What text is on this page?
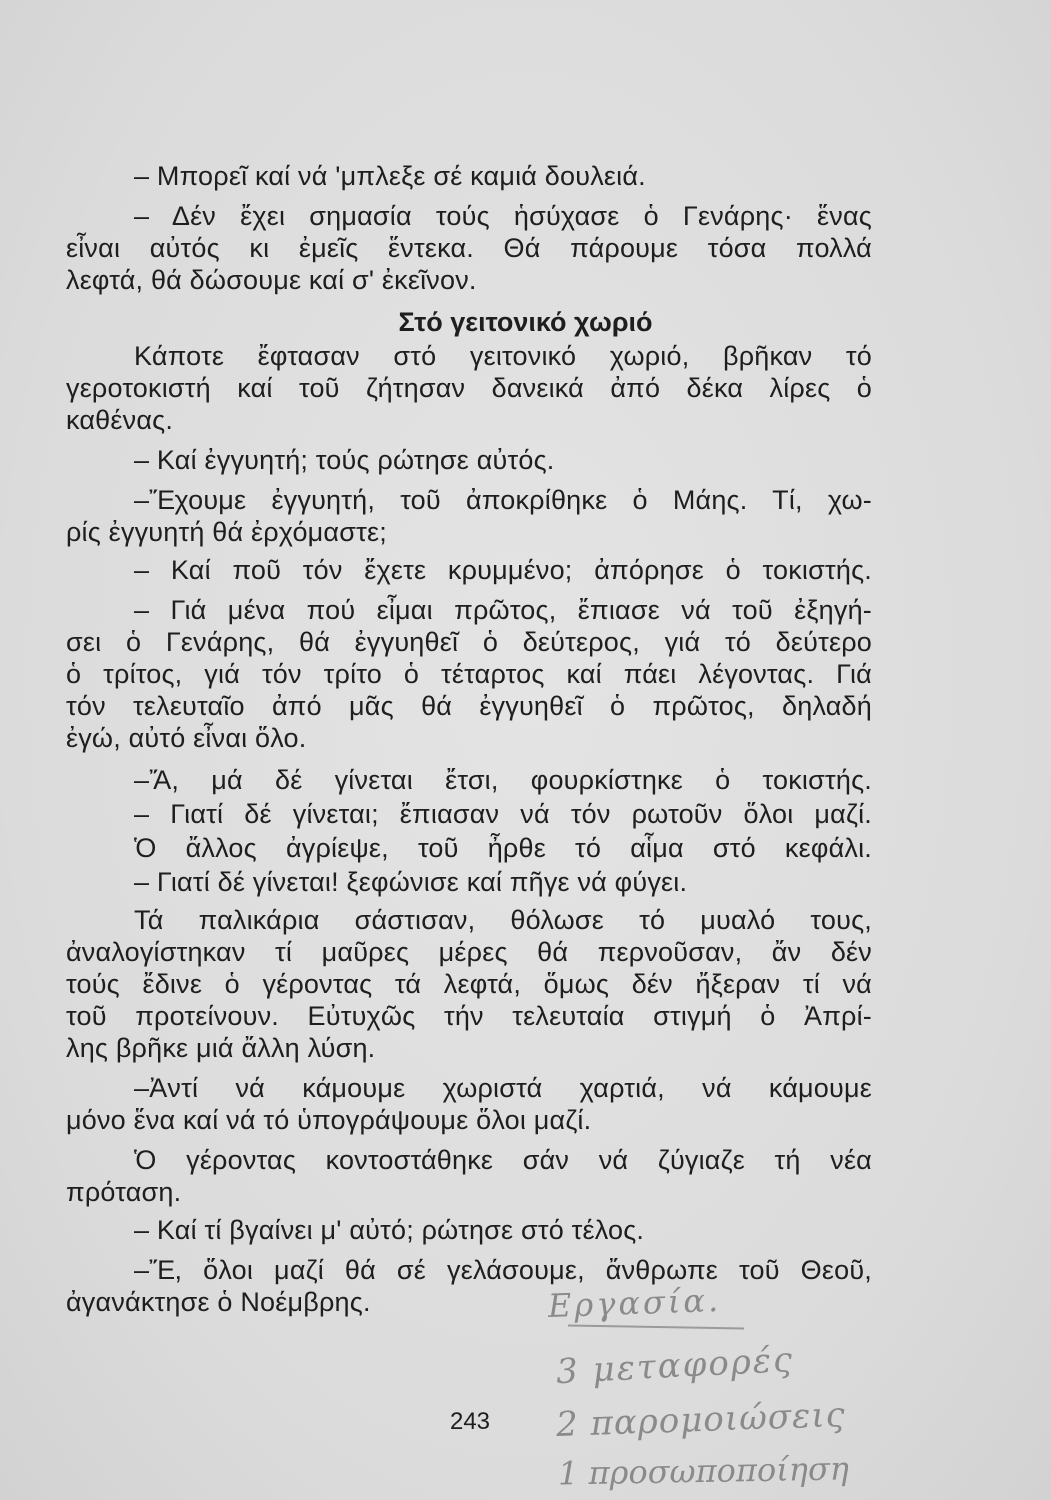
– Μπορεῖ καί νά 'μπλεξε σέ καμιά δουλειά.
– Δέν ἔχει σημασία τούς ἡσύχασε ὁ Γενάρης· ἕνας
εἶναι αὐτός κι ἐμεῖς ἕντεκα. Θά πάρουμε τόσα πολλά
λεφτά, θά δώσουμε καί σ' ἐκεῖνον.
Κάποτε ἔφτασαν στό γειτονικό χωριό, βρῆκαν τό
γεροτοκιστή καί τοῦ ζήτησαν δανεικά ἀπό δέκα λίρες ὁ
καθένας.
– Καί ἐγγυητή; τούς ρώτησε αὐτός.
–Ἔχουμε ἐγγυητή, τοῦ ἀποκρίθηκε ὁ Μάης. Τί, χω-
ρίς ἐγγυητή θά ἐρχόμαστε;
– Καί ποῦ τόν ἔχετε κρυμμένο; ἀπόρησε ὁ τοκιστής.
– Γιά μένα πού εἶμαι πρῶτος, ἔπιασε νά τοῦ ἐξηγή-
σει ὁ Γενάρης, θά ἐγγυηθεῖ ὁ δεύτερος, γιά τό δεύτερο
ὁ τρίτος, γιά τόν τρίτο ὁ τέταρτος καί πάει λέγοντας. Γιά
τόν τελευταῖο ἀπό μᾶς θά ἐγγυηθεῖ ὁ πρῶτος, δηλαδή
ἐγώ, αὐτό εἶναι ὅλο.
–Ἄ, μά δέ γίνεται ἔτσι, φουρκίστηκε ὁ τοκιστής.
– Γιατί δέ γίνεται; ἔπιασαν νά τόν ρωτοῦν ὅλοι μαζί.
Ὁ ἄλλος ἀγρίεψε, τοῦ ἦρθε τό αἷμα στό κεφάλι.
– Γιατί δέ γίνεται! ξεφώνισε καί πῆγε νά φύγει.
Τά παλικάρια σάστισαν, θόλωσε τό μυαλό τους,
ἀναλογίστηκαν τί μαῦρες μέρες θά περνοῦσαν, ἄν δέν
τούς ἔδινε ὁ γέροντας τά λεφτά, ὅμως δέν ἤξεραν τί νά
τοῦ προτείνουν. Εὐτυχῶς τήν τελευταία στιγμή ὁ Ἀπρί-
λης βρῆκε μιά ἄλλη λύση.
–Ἀντί νά κάμουμε χωριστά χαρτιά, νά κάμουμε
μόνο ἕνα καί νά τό ὑπογράψουμε ὅλοι μαζί.
Ὁ γέροντας κοντοστάθηκε σάν νά ζύγιαζε τή νέα
πρόταση.
– Καί τί βγαίνει μ' αὐτό; ρώτησε στό τέλος.
–Ἔ, ὅλοι μαζί θά σέ γελάσουμε, ἄνθρωπε τοῦ Θεοῦ,
ἀγανάκτησε ὁ Νοέμβρης.
Στό γειτονικό χωριό
243
Εργασία.
3 μεταφορές
2 παρομοιώσεις
1 προσωποποίηση
